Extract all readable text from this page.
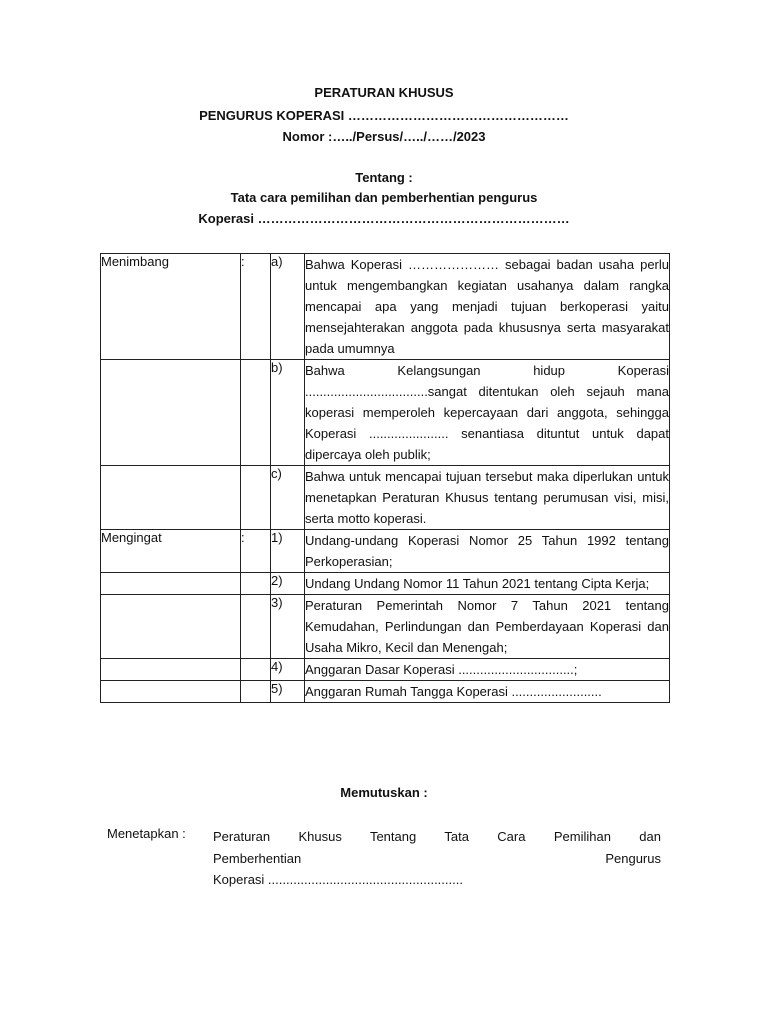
PERATURAN KHUSUS
PENGURUS KOPERASI ……………………………………………
Nomor :…../Persus/…../……/2023
Tentang :
Tata cara pemilihan dan pemberhentian pengurus
Koperasi ………………………………………………………………
Menimbang	:	a)	Bahwa Koperasi ………………… sebagai badan usaha perlu untuk mengembangkan kegiatan usahanya dalam rangka mencapai apa yang menjadi tujuan berkoperasi yaitu mensejahterakan anggota pada khususnya serta masyarakat pada umumnya
		b)	Bahwa Kelangsungan hidup Koperasi ..................................sangat ditentukan oleh sejauh mana koperasi memperoleh kepercayaan dari anggota, sehingga Koperasi ...................... senantiasa dituntut untuk dapat dipercaya oleh publik;
		c)	Bahwa untuk mencapai tujuan tersebut maka diperlukan untuk menetapkan Peraturan Khusus tentang perumusan visi, misi, serta motto koperasi.
Mengingat	:	1)	Undang-undang Koperasi Nomor 25 Tahun 1992 tentang Perkoperasian;
		2)	Undang Undang Nomor 11 Tahun 2021 tentang Cipta Kerja;
		3)	Peraturan Pemerintah Nomor 7 Tahun 2021 tentang Kemudahan, Perlindungan dan Pemberdayaan Koperasi dan Usaha Mikro, Kecil dan Menengah;
		4)	Anggaran Dasar Koperasi ................................;
		5)	Anggaran Rumah Tangga Koperasi .........................
Memutuskan :
Menetapkan : Peraturan Khusus Tentang Tata Cara Pemilihan dan
Pemberhentian Pengurus
Koperasi ......................................................
